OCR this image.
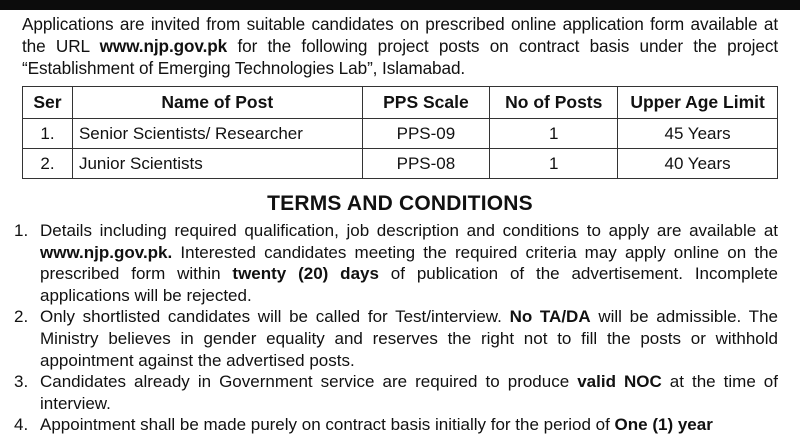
Applications are invited from suitable candidates on prescribed online application form available at the URL www.njp.gov.pk for the following project posts on contract basis under the project “Establishment of Emerging Technologies Lab”, Islamabad.
Ser	Name of Post	PPS Scale	No of Posts	Upper Age Limit
1.	Senior Scientists/ Researcher	PPS-09	1	45 Years
2.	Junior Scientists	PPS-08	1	40 Years
TERMS AND CONDITIONS
1. Details including required qualification, job description and conditions to apply are available at www.njp.gov.pk. Interested candidates meeting the required criteria may apply online on the prescribed form within twenty (20) days of publication of the advertisement. Incomplete applications will be rejected.
2. Only shortlisted candidates will be called for Test/interview. No TA/DA will be admissible. The Ministry believes in gender equality and reserves the right not to fill the posts or withhold appointment against the advertised posts.
3. Candidates already in Government service are required to produce valid NOC at the time of interview.
4. Appointment shall be made purely on contract basis initially for the period of One (1) year
